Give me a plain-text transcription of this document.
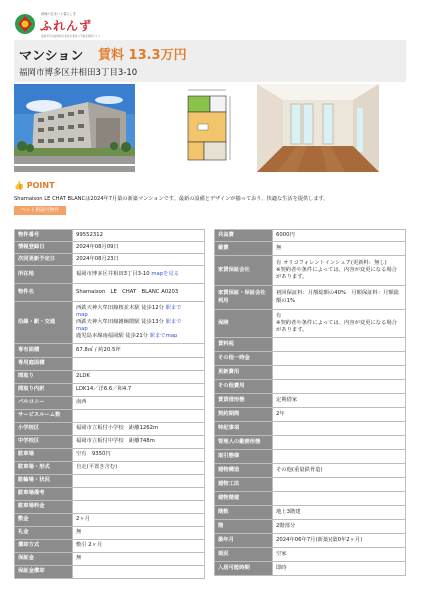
地域の住まいと暮らしを
ふれんず
福岡県宅地建物取引業協会運営の不動産情報サイト
マンション 賃料 13.3万円
福岡市博多区井相田3丁目3-10
👍 POINT
Shamaison LE CHAT BLANCは2024年7月築の新築マンションです。最新の設備とデザインが揃っており、快適な生活を提供します。
ペット相談可物件
物件番号	99552312
情報登録日	2024年08月09日
次回更新予定日	2024年08月23日
所在地	福岡市博多区井相田3丁目3-10 mapを見る
物件名	Shamaison　LE　CHAT　BLANC A0203
沿線・駅・交通	西鉄天神大牟田線桜並木駅 徒歩12分 駅まで
map
西鉄天神大牟田線雑餉隈駅 徒歩13分 駅まで
map
鹿児島本線南福岡駅 徒歩21分 駅までmap

専有面積	67.8㎡ / 約20.5坪
専用庭面積	
間取り	2LDK
間取り内訳	LDK14／洋6.6／和4.7
バルコニー	南西
サービスルーム数	
小学校区	福岡市立板付小学校　距離1262m
中学校区	福岡市立板付中学校　距離748m
駐車場	空有　9350円
駐車場・形式	自走(平置き含む)
駐輪場・状況	
駐車場備考	
駐車場料金	
敷金	2ヶ月
礼金	無
償却方式	敷引 2ヶ月
保証金	無
保証金償却	
共益費	6000円
雑費	無
家賃保証会社	有 オリコフォレントインシュア(更新料：無し)
※契約者や条件によっては、内容が変更になる場合があります。

家賃保証・保証会社利用	初回保証料：月額総額の40%　月額保証料：月額総額の1%
保険	有
※契約者や条件によっては、内容が変更になる場合があります。

賃料税	
その他一時金	
更新費用	
その他費用	
賃貸借形態	定期借家
契約期間	2年
特記事項	
管理人の勤務形態	
取引態様	
建物構造	その他(重量鉄骨造)
建物工法	
建物階建	
階数	地上3階建
階	2階部分
築年月	2024年06年7月(新築)(築0年2ヶ月)
現況	空家
入居可能時期	即時
